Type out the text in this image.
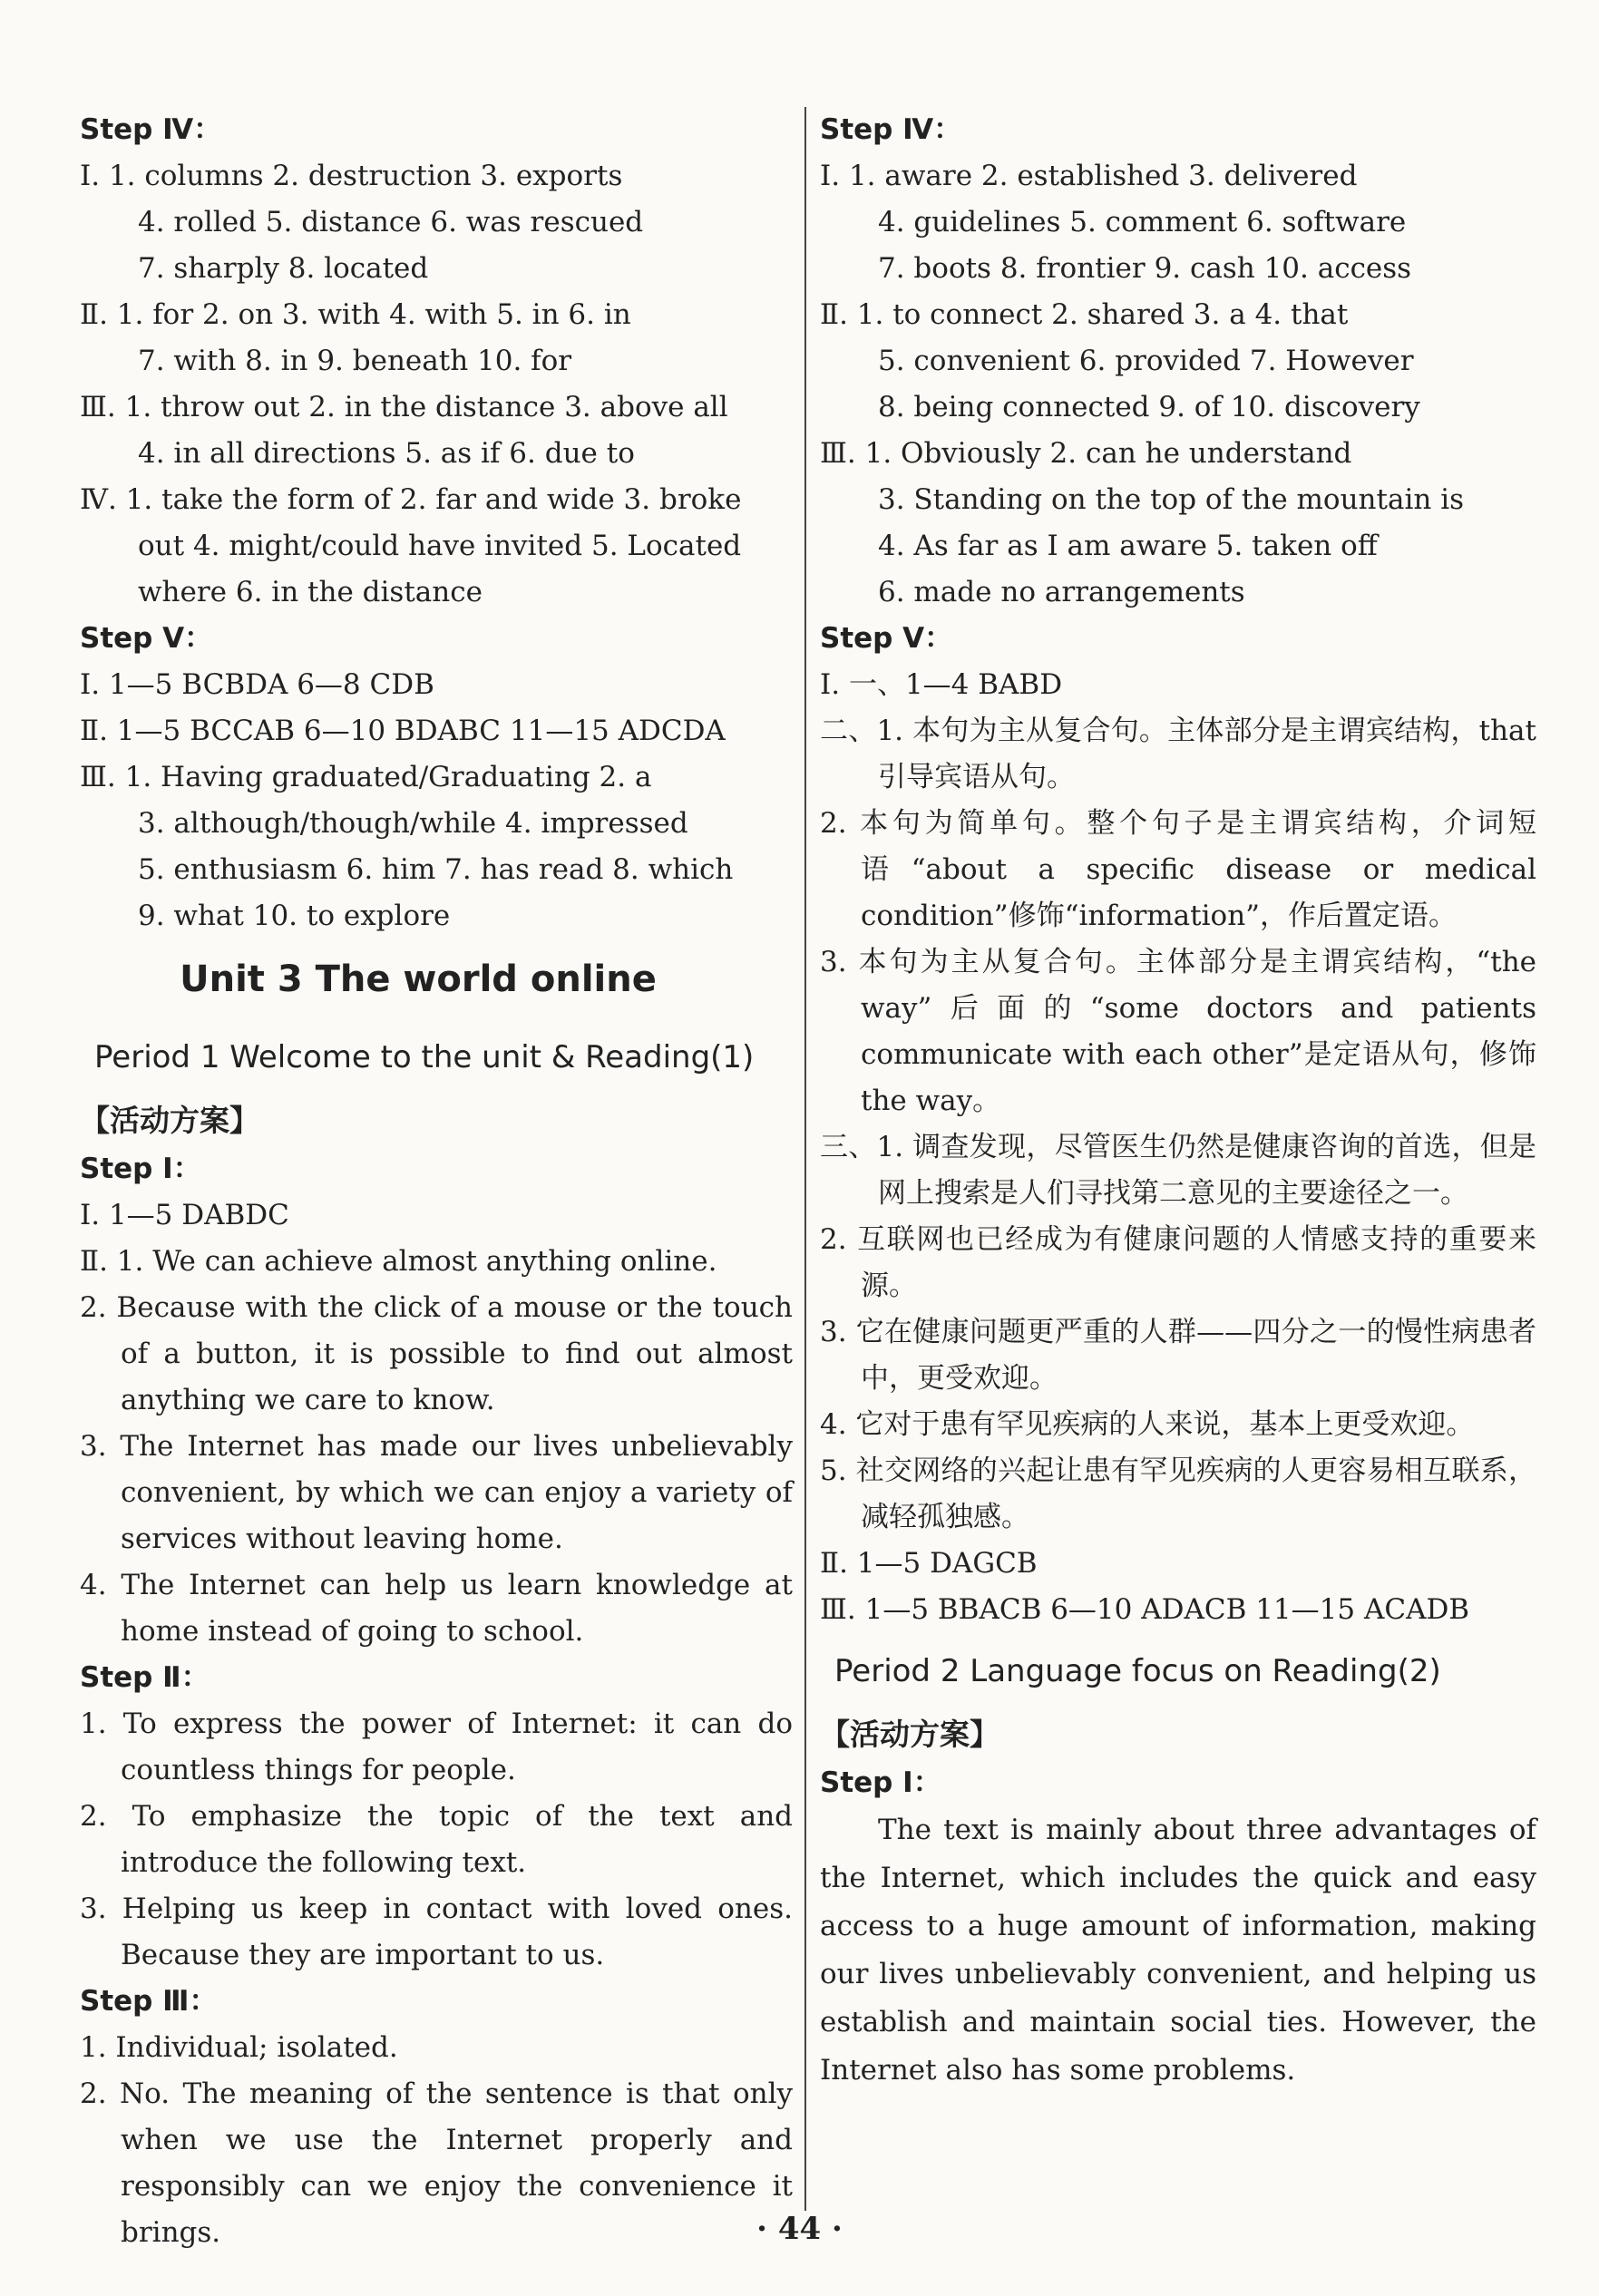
Step Ⅳ：
Ⅰ. 1. columns 2. destruction 3. exports
4. rolled 5. distance 6. was rescued
7. sharply 8. located
Ⅱ. 1. for 2. on 3. with 4. with 5. in 6. in
7. with 8. in 9. beneath 10. for
Ⅲ. 1. throw out 2. in the distance 3. above all
4. in all directions 5. as if 6. due to
Ⅳ. 1. take the form of 2. far and wide 3. broke
out 4. might/could have invited 5. Located
where 6. in the distance
Step Ⅴ：
Ⅰ. 1—5 BCBDA 6—8 CDB
Ⅱ. 1—5 BCCAB 6—10 BDABC 11—15 ADCDA
Ⅲ. 1. Having graduated/Graduating 2. a
3. although/though/while 4. impressed
5. enthusiasm 6. him 7. has read 8. which
9. what 10. to explore
Unit 3 The world online
Period 1 Welcome to the unit & Reading(1)
【活动方案】
Step Ⅰ：
Ⅰ. 1—5 DABDC
Ⅱ. 1. We can achieve almost anything online.
2. Because with the click of a mouse or the touch of a button, it is possible to find out almost anything we care to know.
3. The Internet has made our lives unbelievably convenient, by which we can enjoy a variety of services without leaving home.
4. The Internet can help us learn knowledge at home instead of going to school.
Step Ⅱ：
1. To express the power of Internet: it can do countless things for people.
2. To emphasize the topic of the text and introduce the following text.
3. Helping us keep in contact with loved ones. Because they are important to us.
Step Ⅲ：
1. Individual; isolated.
2. No. The meaning of the sentence is that only when we use the Internet properly and responsibly can we enjoy the convenience it brings.
Step Ⅳ：
Ⅰ. 1. aware 2. established 3. delivered
4. guidelines 5. comment 6. software
7. boots 8. frontier 9. cash 10. access
Ⅱ. 1. to connect 2. shared 3. a 4. that
5. convenient 6. provided 7. However
8. being connected 9. of 10. discovery
Ⅲ. 1. Obviously 2. can he understand
3. Standing on the top of the mountain is
4. As far as I am aware 5. taken off
6. made no arrangements
Step Ⅴ：
Ⅰ. 一、1—4 BABD
二、1. 本句为主从复合句。主体部分是主谓宾结构，that 引导宾语从句。
2. 本句为简单句。整个句子是主谓宾结构，介词短语“about a specific disease or medical condition”修饰“information”，作后置定语。
3. 本句为主从复合句。主体部分是主谓宾结构，“the way”后面的“some doctors and patients communicate with each other”是定语从句，修饰 the way。
三、1. 调查发现，尽管医生仍然是健康咨询的首选，但是网上搜索是人们寻找第二意见的主要途径之一。
2. 互联网也已经成为有健康问题的人情感支持的重要来源。
3. 它在健康问题更严重的人群——四分之一的慢性病患者中，更受欢迎。
4. 它对于患有罕见疾病的人来说，基本上更受欢迎。
5. 社交网络的兴起让患有罕见疾病的人更容易相互联系，减轻孤独感。
Ⅱ. 1—5 DAGCB
Ⅲ. 1—5 BBACB 6—10 ADACB 11—15 ACADB
Period 2 Language focus on Reading(2)
【活动方案】
Step Ⅰ：
The text is mainly about three advantages of the Internet, which includes the quick and easy access to a huge amount of information, making our lives unbelievably convenient, and helping us establish and maintain social ties. However, the Internet also has some problems.
· 44 ·
